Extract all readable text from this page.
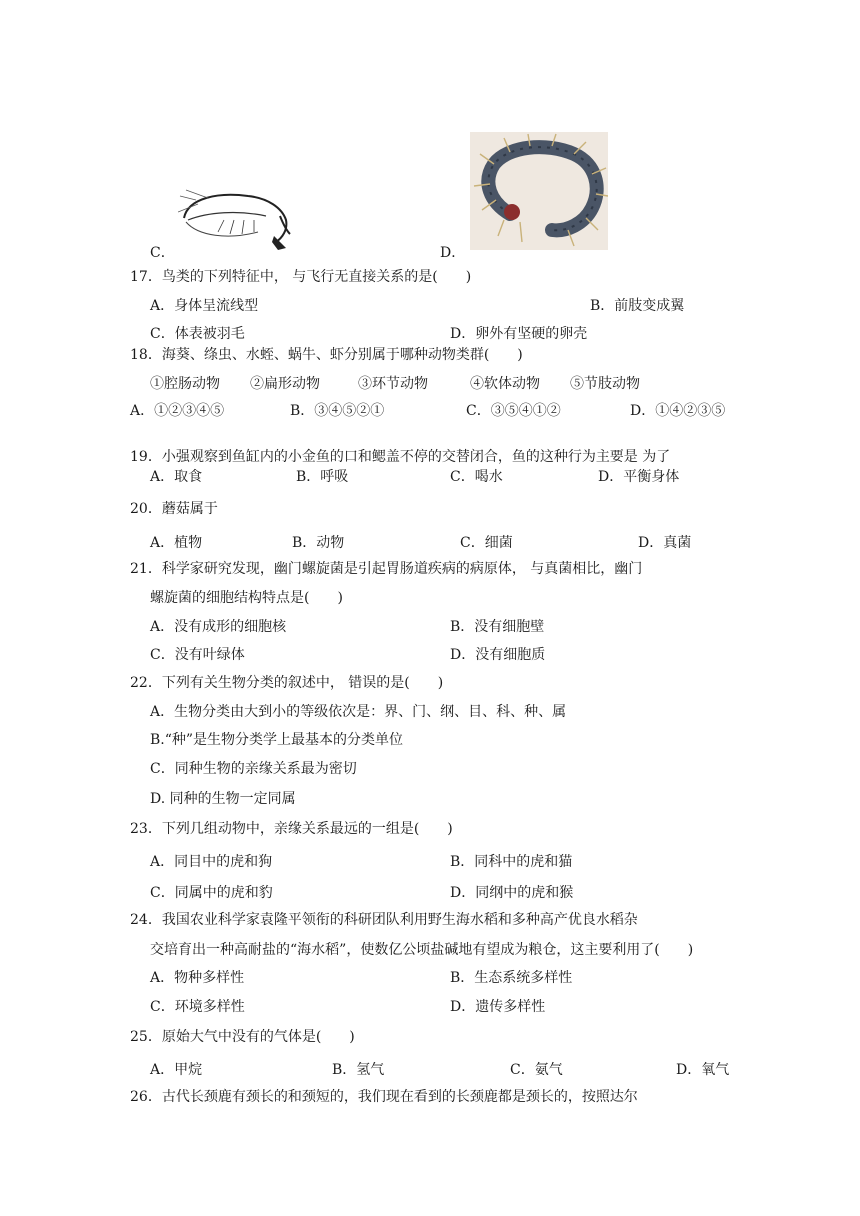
C．	D．
17．鸟类的下列特征中， 与飞行无直接关系的是(　　)
A．身体呈流线型	B．前肢变成翼
C．体表被羽毛	D．卵外有坚硬的卵壳
18．海葵、绦虫、水蛭、蜗牛、虾分别属于哪种动物类群(　　)
①腔肠动物 ②扁形动物	③环节动物	④软体动物 ⑤节肢动物
A．①②③④⑤	B．③④⑤②①	C．③⑤④①②	D．①④②③⑤
19．小强观察到鱼缸内的小金鱼的口和鳃盖不停的交替闭合，鱼的这种行为主要是 为了
A．取食	B．呼吸	C．喝水	D．平衡身体
20．蘑菇属于
A．植物	B．动物	C．细菌	D．真菌
21．科学家研究发现，幽门螺旋菌是引起胃肠道疾病的病原体， 与真菌相比，幽门
螺旋菌的细胞结构特点是(　　)
A．没有成形的细胞核	B．没有细胞壁
C．没有叶绿体	D．没有细胞质
22．下列有关生物分类的叙述中， 错误的是(　　)
A．生物分类由大到小的等级依次是：界、门、纲、目、科、种、属
B.“种”是生物分类学上最基本的分类单位
C．同种生物的亲缘关系最为密切
D. 同种的生物一定同属
23．下列几组动物中，亲缘关系最远的一组是(　　)
A．同目中的虎和狗	B．同科中的虎和猫
C．同属中的虎和豹	D．同纲中的虎和猴
24．我国农业科学家袁隆平领衔的科研团队利用野生海水稻和多种高产优良水稻杂
交培育出一种高耐盐的“海水稻”，使数亿公顷盐碱地有望成为粮仓，这主要利用了(　　)
A．物种多样性	B．生态系统多样性
C．环境多样性	D．遗传多样性
25．原始大气中没有的气体是(　　)
A．甲烷	B．氢气	C．氨气	D．氧气
26．古代长颈鹿有颈长的和颈短的，我们现在看到的长颈鹿都是颈长的，按照达尔
